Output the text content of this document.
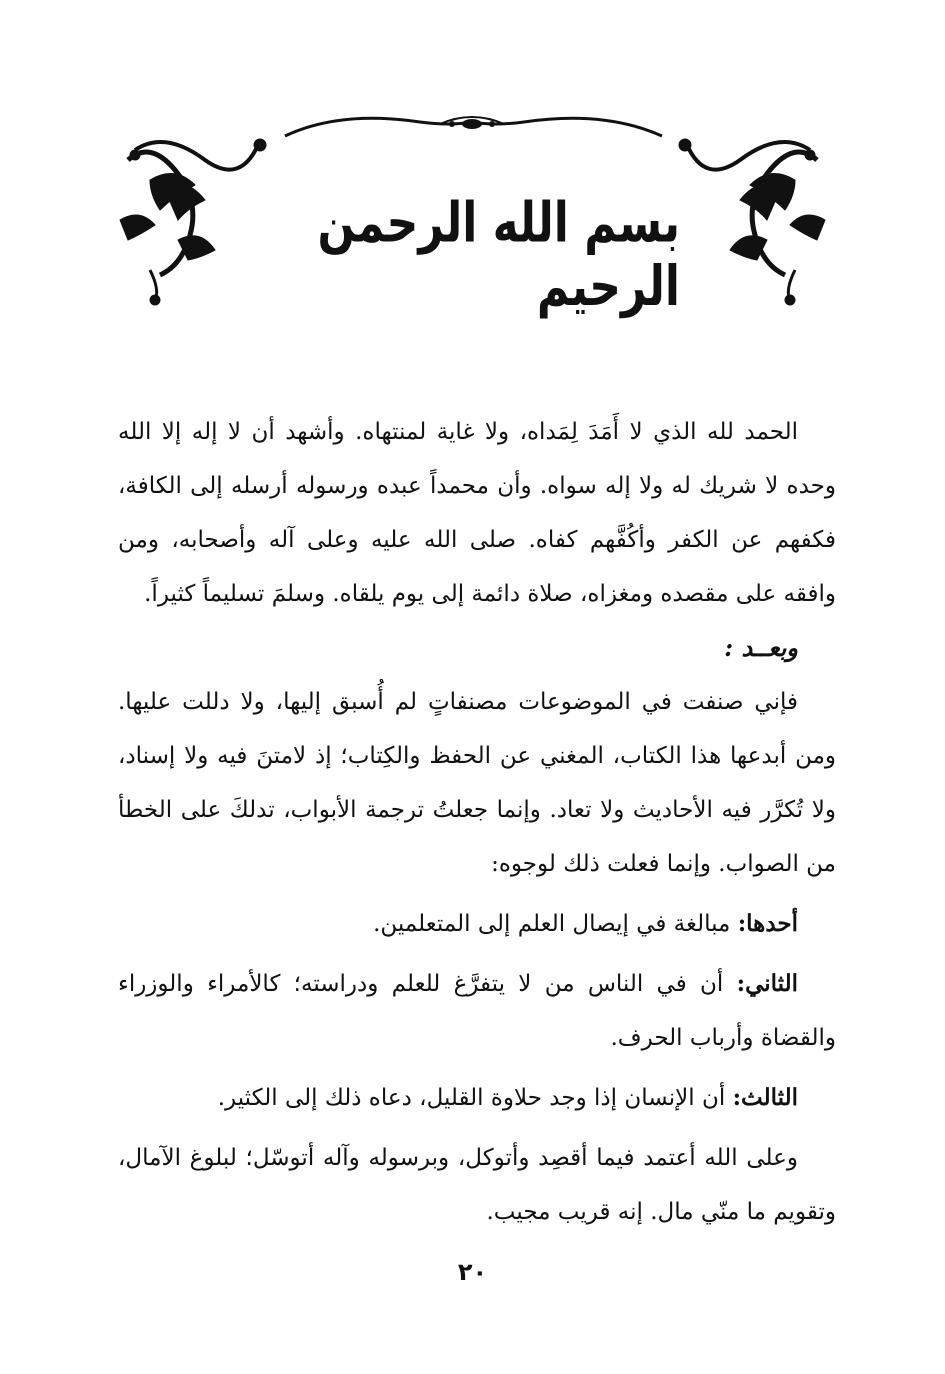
بسم الله الرحمن الرحيم

الحمد لله الذي لا أَمَدَ لِمَداه، ولا غاية لمنتهاه. وأشهد أن لا إله إلا الله وحده لا شريك له ولا إله سواه. وأن محمداً عبده ورسوله أرسله إلى الكافة، فكفهم عن الكفر وأكُفَّهم كفاه. صلى الله عليه وعلى آله وأصحابه، ومن وافقه على مقصده ومغزاه، صلاة دائمة إلى يوم يلقاه. وسلمَ تسليماً كثيراً.

وبعــد :

فإني صنفت في الموضوعات مصنفاتٍ لم أُسبق إليها، ولا دللت عليها. ومن أبدعها هذا الكتاب، المغني عن الحفظ والكِتاب؛ إذ لامتنَ فيه ولا إسناد، ولا تُكرَّر فيه الأحاديث ولا تعاد. وإنما جعلتُ ترجمة الأبواب، تدلكَ على الخطأ من الصواب. وإنما فعلت ذلك لوجوه:

أحدها: مبالغة في إيصال العلم إلى المتعلمين.

الثاني: أن في الناس من لا يتفرَّغ للعلم ودراسته؛ كالأمراء والوزراء والقضاة وأرباب الحرف.

الثالث: أن الإنسان إذا وجد حلاوة القليل، دعاه ذلك إلى الكثير.

وعلى الله أعتمد فيما أقصِد وأتوكل، وبرسوله وآله أتوسّل؛ لبلوغ الآمال، وتقويم ما منّي مال. إنه قريب مجيب.

٢٠
